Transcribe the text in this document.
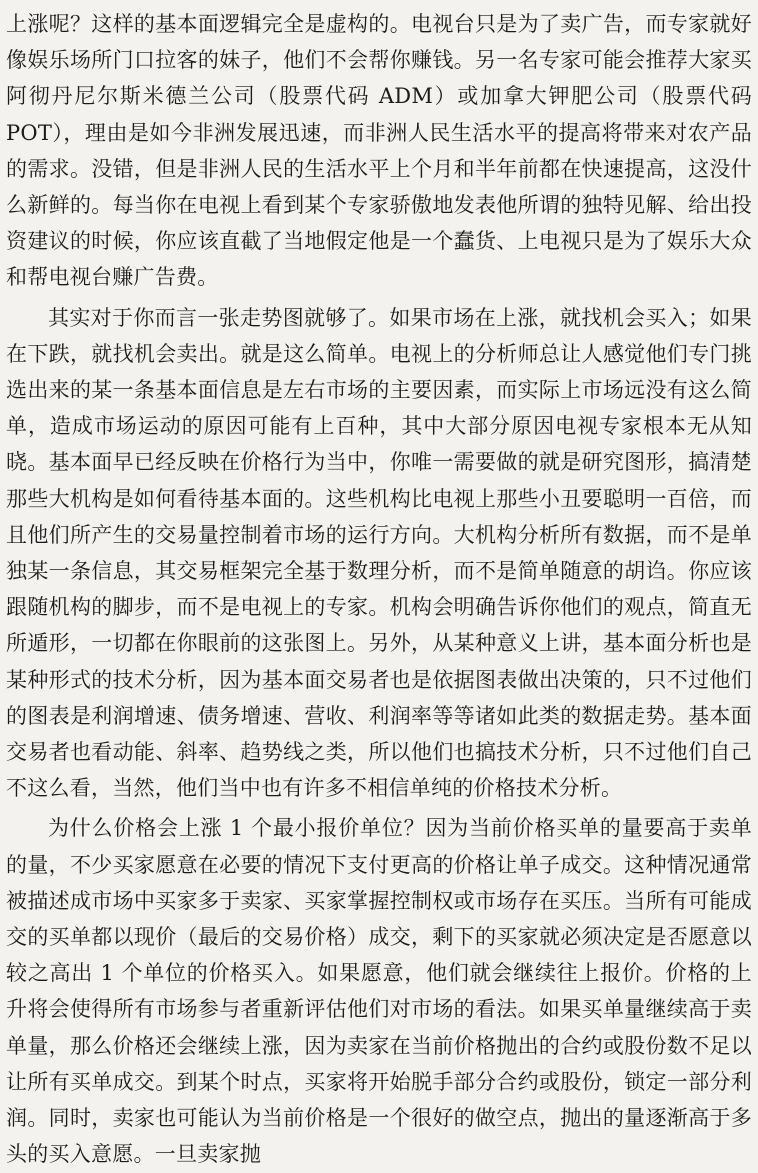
上涨呢？这样的基本面逻辑完全是虚构的。电视台只是为了卖广告，而专家就好像娱乐场所门口拉客的妹子，他们不会帮你赚钱。另一名专家可能会推荐大家买阿彻丹尼尔斯米德兰公司（股票代码 ADM）或加拿大钾肥公司（股票代码 POT），理由是如今非洲发展迅速，而非洲人民生活水平的提高将带来对农产品的需求。没错，但是非洲人民的生活水平上个月和半年前都在快速提高，这没什么新鲜的。每当你在电视上看到某个专家骄傲地发表他所谓的独特见解、给出投资建议的时候，你应该直截了当地假定他是一个蠢货、上电视只是为了娱乐大众和帮电视台赚广告费。

其实对于你而言一张走势图就够了。如果市场在上涨，就找机会买入；如果在下跌，就找机会卖出。就是这么简单。电视上的分析师总让人感觉他们专门挑选出来的某一条基本面信息是左右市场的主要因素，而实际上市场远没有这么简单，造成市场运动的原因可能有上百种，其中大部分原因电视专家根本无从知晓。基本面早已经反映在价格行为当中，你唯一需要做的就是研究图形，搞清楚那些大机构是如何看待基本面的。这些机构比电视上那些小丑要聪明一百倍，而且他们所产生的交易量控制着市场的运行方向。大机构分析所有数据，而不是单独某一条信息，其交易框架完全基于数理分析，而不是简单随意的胡诌。你应该跟随机构的脚步，而不是电视上的专家。机构会明确告诉你他们的观点，简直无所遁形，一切都在你眼前的这张图上。另外，从某种意义上讲，基本面分析也是某种形式的技术分析，因为基本面交易者也是依据图表做出决策的，只不过他们的图表是利润增速、债务增速、营收、利润率等等诸如此类的数据走势。基本面交易者也看动能、斜率、趋势线之类，所以他们也搞技术分析，只不过他们自己不这么看，当然，他们当中也有许多不相信单纯的价格技术分析。

为什么价格会上涨 1 个最小报价单位？因为当前价格买单的量要高于卖单的量，不少买家愿意在必要的情况下支付更高的价格让单子成交。这种情况通常被描述成市场中买家多于卖家、买家掌握控制权或市场存在买压。当所有可能成交的买单都以现价（最后的交易价格）成交，剩下的买家就必须决定是否愿意以较之高出 1 个单位的价格买入。如果愿意，他们就会继续往上报价。价格的上升将会使得所有市场参与者重新评估他们对市场的看法。如果买单量继续高于卖单量，那么价格还会继续上涨，因为卖家在当前价格抛出的合约或股份数不足以让所有买单成交。到某个时点，买家将开始脱手部分合约或股份，锁定一部分利润。同时，卖家也可能认为当前价格是一个很好的做空点，抛出的量逐渐高于多头的买入意愿。一旦卖家抛
